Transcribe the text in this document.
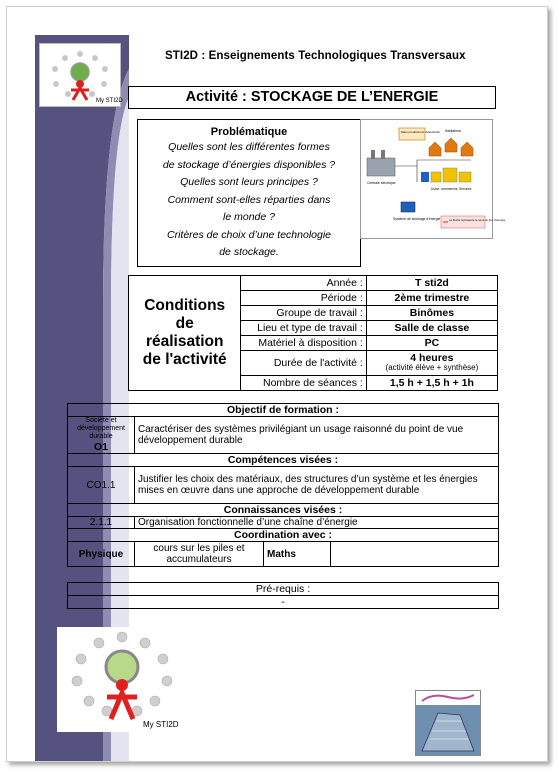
My STI2D
STI2D : Enseignements Technologiques Transversaux
Activité : STOCKAGE DE L’ENERGIE
Problématique
Quelles sont les différentes formes
de stockage d’énergies disponibles ?
Quelles sont leurs principes ?
Comment sont-elles réparties dans
le monde ?
Critères de choix d’une technologie
de stockage.
Sites productions d'électricité Habitations
Centrale électrique
Usine, commerces, Services
Système de stockage d'énergie	La flèche représente le sens du flux d'énergie
Conditions
de
réalisation
de l'activité	Année :	T sti2d
	Période :	2ème trimestre
	Groupe de travail :	Binômes
	Lieu et type de travail :	Salle de classe
	Matériel à disposition :	PC
	Durée de l'activité :	4 heures
(activité élève + synthèse)

	Nombre de séances :	1,5 h + 1,5 h + 1h
Objectif de formation :			

Société et développement durable
O1	Caractériser des systèmes privilégiant un usage raisonné du point de vue développement durable		
Compétences visées :			
CO1.1	Justifier les choix des matériaux, des structures d’un système et les énergies mises en œuvre dans une approche de développement durable		
Connaissances visées :			
2.1.1	Organisation fonctionnelle d’une chaîne d’énergie		
Coordination avec :			
Physique	cours sur les piles et accumulateurs	Maths	
Pré-requis :
-
My STI2D
